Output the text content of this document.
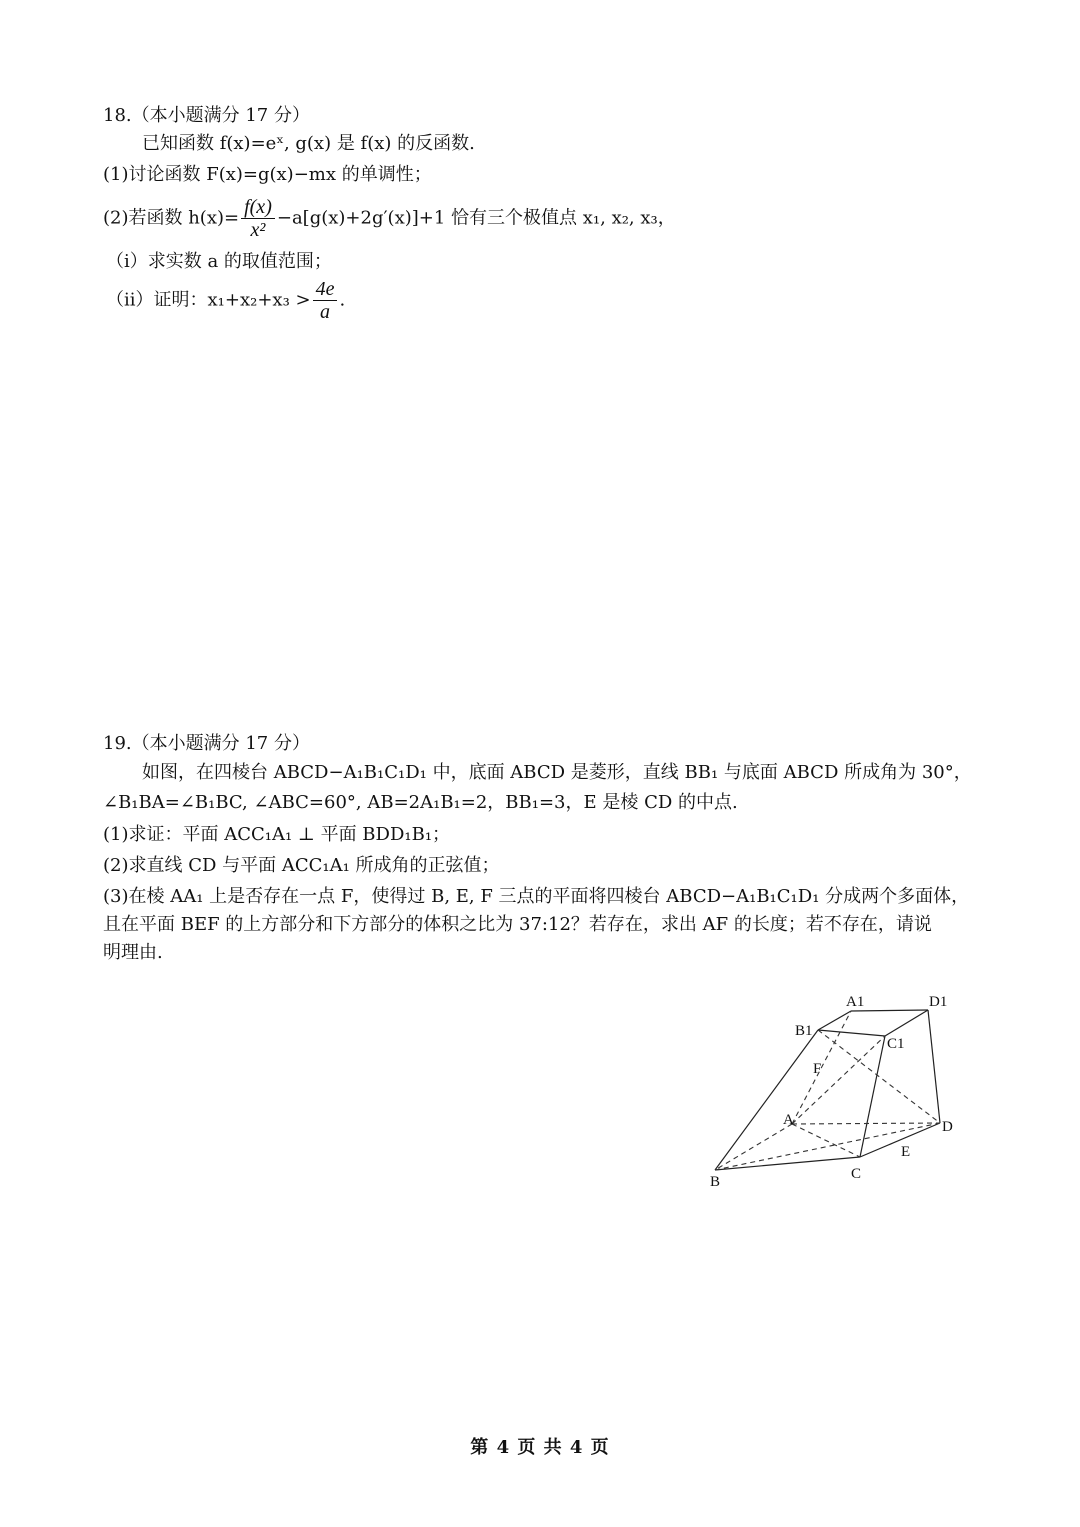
18.（本小题满分 17 分）
已知函数 f(x)=eˣ, g(x) 是 f(x) 的反函数.
(1)讨论函数 F(x)=g(x)−mx 的单调性；
(2)若函数 $h(x)= \frac{f(x)}{\text{x²}} -a[g(x)+2g'(x)]+1$ 恰有三个极值点 x₁, x₂, x₃，
（i）求实数 a 的取值范围；
（ii）证明：$x_1+x_2+x_3 > \frac{4e}{a}$ .
19.（本小题满分 17 分）
如图，在四棱台 ABCD−A₁B₁C₁D₁ 中，底面 ABCD 是菱形，直线 BB₁ 与底面 ABCD 所成角为 30°，
∠B₁BA=∠B₁BC, ∠ABC=60°, AB=2A₁B₁=2，BB₁=3，E 是棱 CD 的中点.
(1)求证：平面 ACC₁A₁ ⊥ 平面 BDD₁B₁；
(2)求直线 CD 与平面 ACC₁A₁ 所成角的正弦值；
(3)在棱 AA₁ 上是否存在一点 F，使得过 B, E, F 三点的平面将四棱台 ABCD−A₁B₁C₁D₁ 分成两个多面体，
且在平面 BEF 的上方部分和下方部分的体积之比为 37:12？若存在，求出 AF 的长度；若不存在，请说
明理由.
A1	D1
B1
C1
F
A	D
E
B	C
第 4 页 共 4 页
